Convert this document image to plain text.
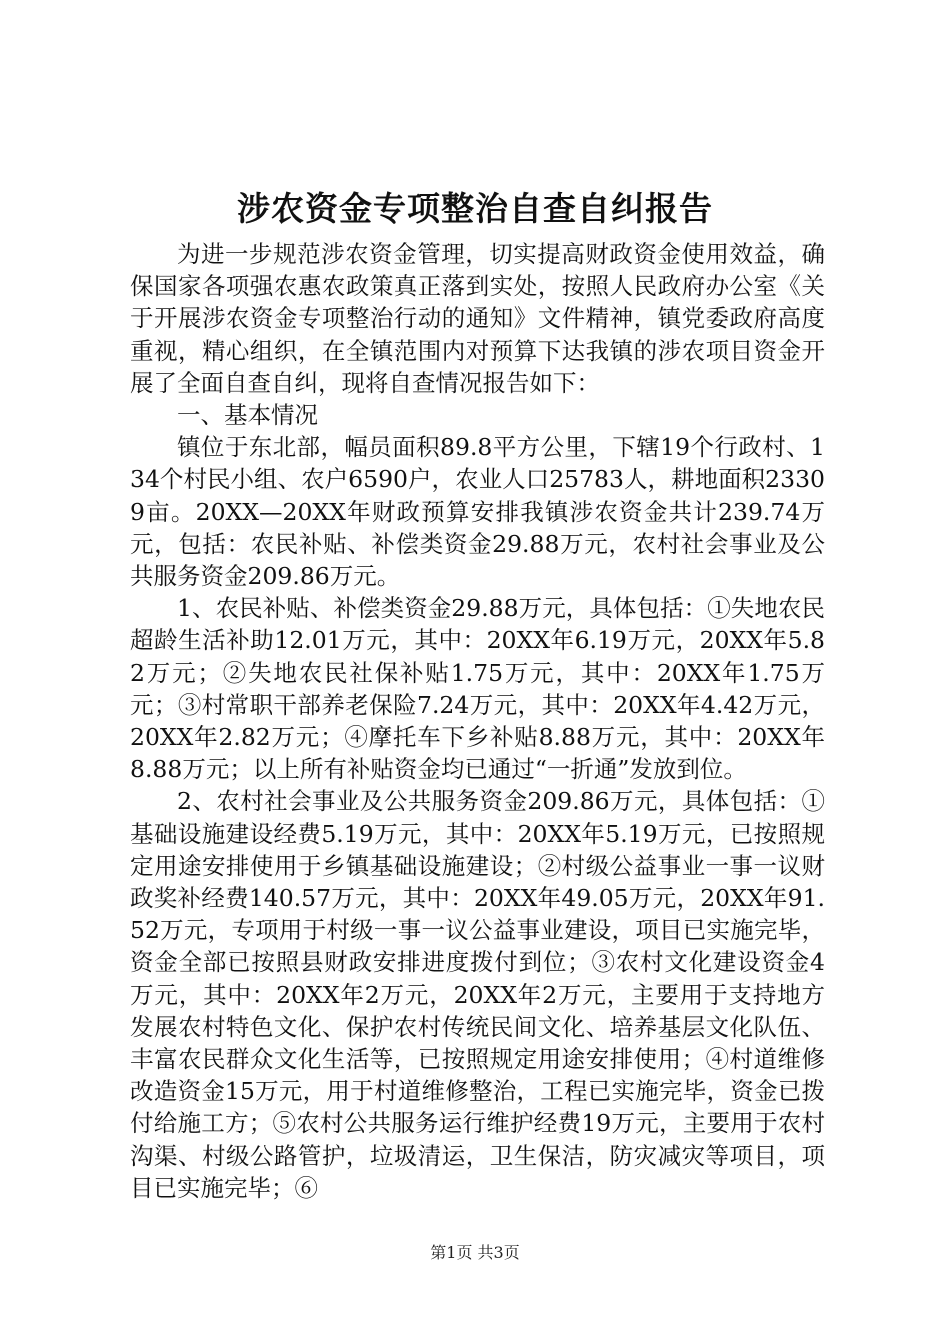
涉农资金专项整治自查自纠报告

为进一步规范涉农资金管理，切实提高财政资金使用效益，确保国家各项强农惠农政策真正落到实处，按照人民政府办公室《关于开展涉农资金专项整治行动的通知》文件精神，镇党委政府高度重视，精心组织，在全镇范围内对预算下达我镇的涉农项目资金开展了全面自查自纠，现将自查情况报告如下：

一、基本情况

镇位于东北部，幅员面积89.8平方公里，下辖19个行政村、134个村民小组、农户6590户，农业人口25783人，耕地面积23309亩。20XX—20XX年财政预算安排我镇涉农资金共计239.74万元，包括：农民补贴、补偿类资金29.88万元，农村社会事业及公共服务资金209.86万元。

1、农民补贴、补偿类资金29.88万元，具体包括：①失地农民超龄生活补助12.01万元，其中：20XX年6.19万元，20XX年5.82万元；②失地农民社保补贴1.75万元，其中：20XX年1.75万元；③村常职干部养老保险7.24万元，其中：20XX年4.42万元，20XX年2.82万元；④摩托车下乡补贴8.88万元，其中：20XX年8.88万元；以上所有补贴资金均已通过“一折通”发放到位。

2、农村社会事业及公共服务资金209.86万元，具体包括：①基础设施建设经费5.19万元，其中：20XX年5.19万元，已按照规定用途安排使用于乡镇基础设施建设；②村级公益事业一事一议财政奖补经费140.57万元，其中：20XX年49.05万元，20XX年91.52万元，专项用于村级一事一议公益事业建设，项目已实施完毕，资金全部已按照县财政安排进度拨付到位；③农村文化建设资金4万元，其中：20XX年2万元，20XX年2万元，主要用于支持地方发展农村特色文化、保护农村传统民间文化、培养基层文化队伍、丰富农民群众文化生活等，已按照规定用途安排使用；④村道维修改造资金15万元，用于村道维修整治，工程已实施完毕，资金已拨付给施工方；⑤农村公共服务运行维护经费19万元，主要用于农村沟渠、村级公路管护，垃圾清运，卫生保洁，防灾减灾等项目，项目已实施完毕；⑥

第1页 共3页
